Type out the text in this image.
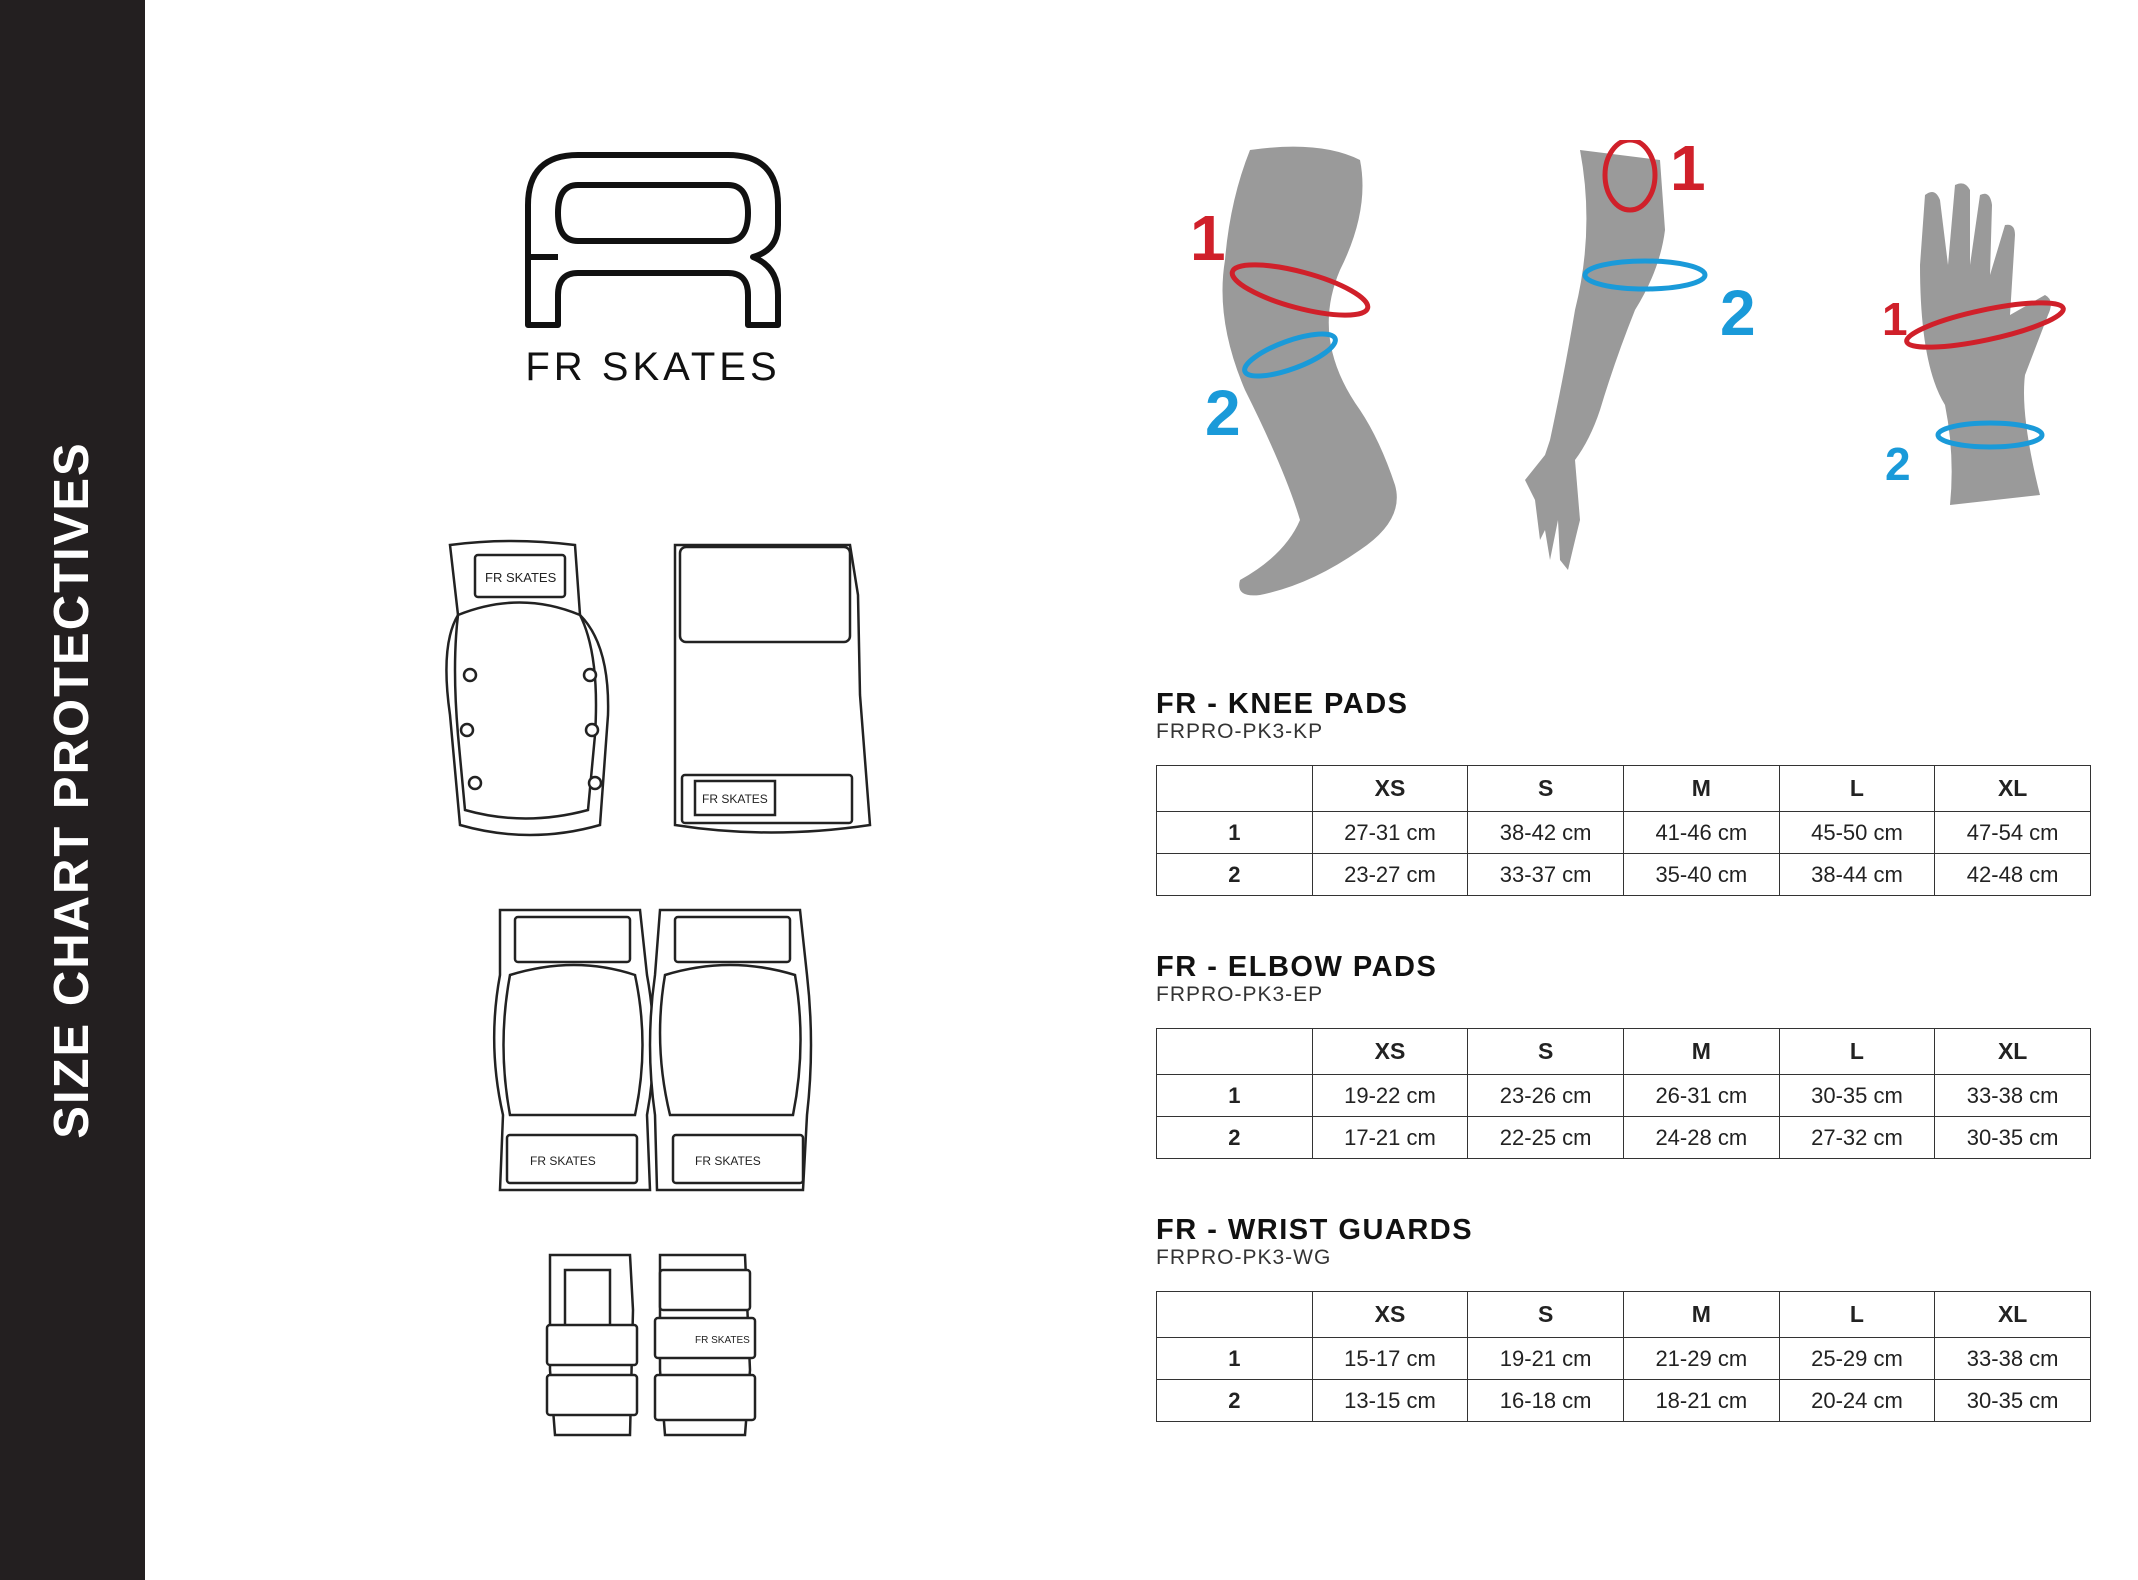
SIZE CHART PROTECTIVES
FR SKATES
FR SKATES
FR SKATES
FR SKATES	FR SKATES
FR SKATES
1
2
1
2	1
2
FR - KNEE PADS
FRPRO-PK3-KP
	XS	S	M	L	XL
1	27-31 cm	38-42 cm	41-46 cm	45-50 cm	47-54 cm
2	23-27 cm	33-37 cm	35-40 cm	38-44 cm	42-48 cm
FR - ELBOW PADS
FRPRO-PK3-EP
	XS	S	M	L	XL
1	19-22 cm	23-26 cm	26-31 cm	30-35 cm	33-38 cm
2	17-21 cm	22-25 cm	24-28 cm	27-32 cm	30-35 cm
FR - WRIST GUARDS
FRPRO-PK3-WG
	XS	S	M	L	XL
1	15-17 cm	19-21 cm	21-29 cm	25-29 cm	33-38 cm
2	13-15 cm	16-18 cm	18-21 cm	20-24 cm	30-35 cm
